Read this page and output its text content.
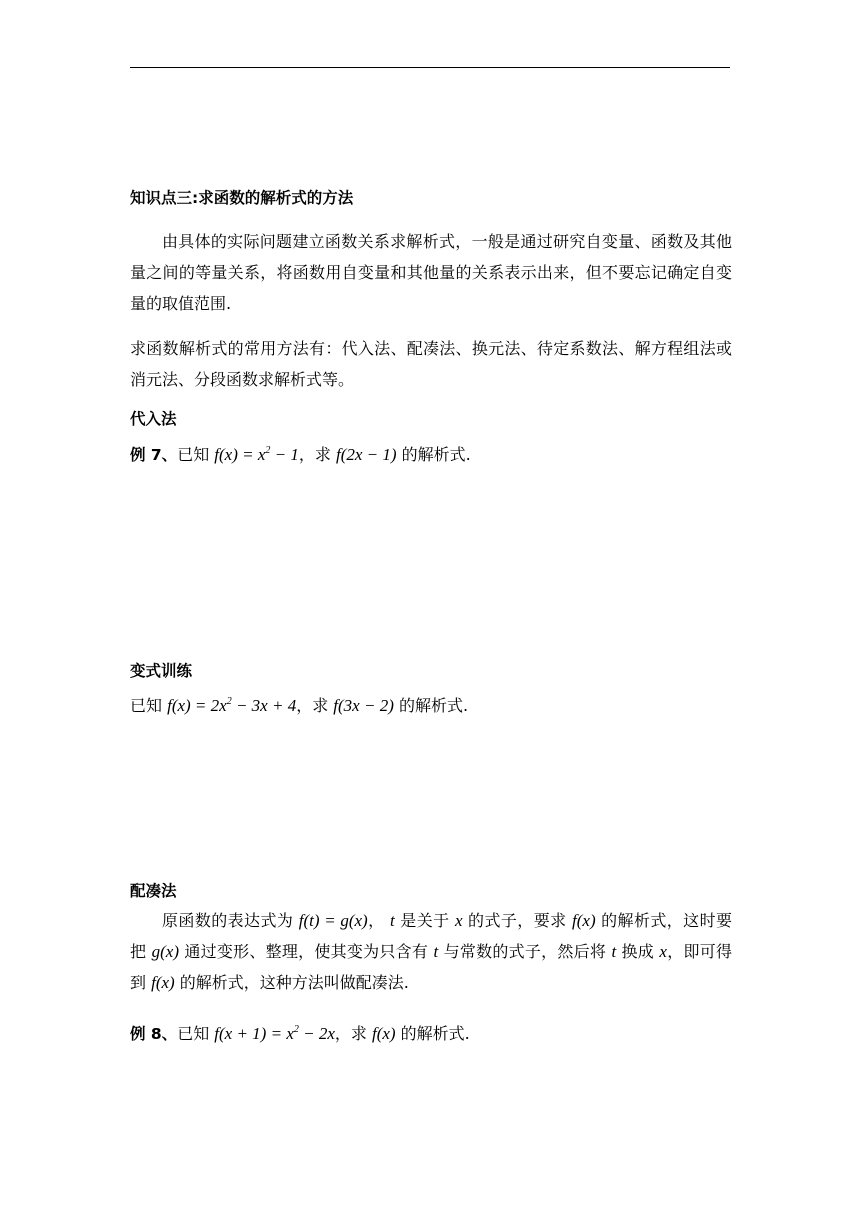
知识点三:求函数的解析式的方法
由具体的实际问题建立函数关系求解析式，一般是通过研究自变量、函数及其他量之间的等量关系，将函数用自变量和其他量的关系表示出来，但不要忘记确定自变量的取值范围.
求函数解析式的常用方法有：代入法、配凑法、换元法、待定系数法、解方程组法或消元法、分段函数求解析式等。
代入法
例 7、已知 $f(x) = x^2 - 1$，求 f(2x − 1) 的解析式.
变式训练
已知 $f(x) = 2x^2 - 3x + 4$，求 f(3x − 2) 的解析式.
配凑法
原函数的表达式为 f(t) = g(x)， t 是关于 x 的式子，要求 f(x) 的解析式，这时要把 g(x) 通过变形、整理，使其变为只含有 t 与常数的式子，然后将 t 换成 x，即可得到 f(x) 的解析式，这种方法叫做配凑法.
例 8、已知 $f(x + 1) = x^2 - 2x$，求 f(x) 的解析式.
